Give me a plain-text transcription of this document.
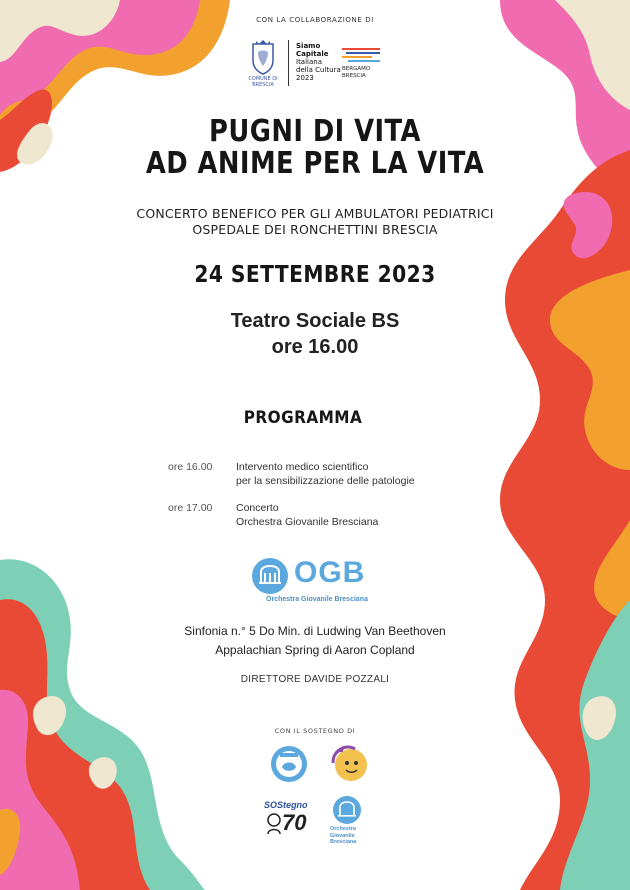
CON LA COLLABORAZIONE DI
COMUNE DI BRESCIA
Siamo
Capitale
Italiana
della Cultura
2023
BERGAMO
BRESCIA
PUGNI DI VITA
AD ANIME PER LA VITA
CONCERTO BENEFICO PER GLI AMBULATORI PEDIATRICI
OSPEDALE DEI RONCHETTINI BRESCIA
24 SETTEMBRE 2023
Teatro Sociale BS
ore 16.00
PROGRAMMA
ore 16.00	Intervento medico scientifico
per la sensibilizzazione delle patologie
ore 17.00	Concerto
Orchestra Giovanile Bresciana
OGB
Orchestra Giovanile Bresciana
Sinfonia n.° 5 Do Min. di Ludwing Van Beethoven
Appalachian Spring di Aaron Copland
DIRETTORE DAVIDE POZZALI
CON IL SOSTEGNO DI
SOStegno
70	Orchestra
Giovanile
Bresciana
